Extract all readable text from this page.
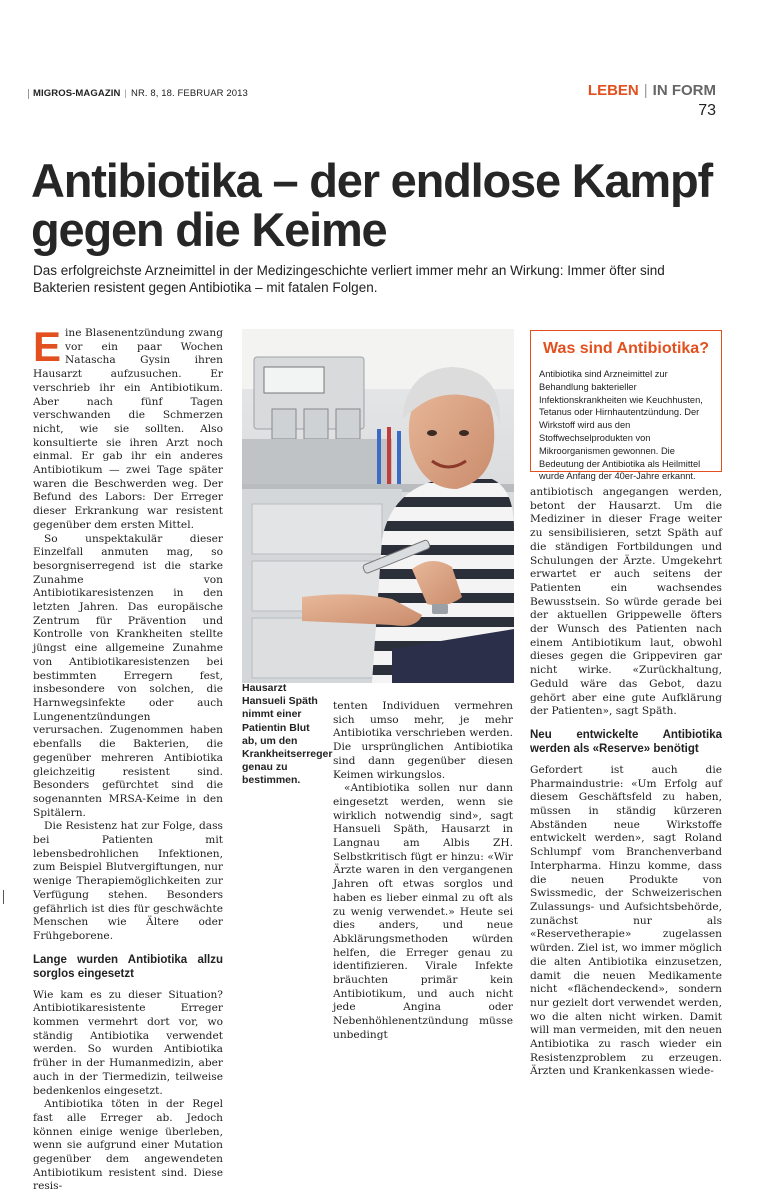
MIGROS-MAGAZIN | NR. 8, 18. FEBRUAR 2013	LEBEN | IN FORM
73
Antibiotika – der endlose Kampf gegen die Keime

Das erfolgreichste Arzneimittel in der Medizingeschichte verliert immer mehr an Wirkung: Immer öfter sind Bakterien resistent gegen Antibiotika – mit fatalen Folgen.

Eine Blasenentzündung zwang vor ein paar Wochen Natascha Gysin ihren Hausarzt aufzusuchen. Er verschrieb ihr ein Antibiotikum. Aber nach fünf Tagen verschwanden die Schmerzen nicht, wie sie sollten. Also konsultierte sie ihren Arzt noch einmal. Er gab ihr ein anderes Antibiotikum — zwei Tage später waren die Beschwerden weg. Der Befund des Labors: Der Erreger dieser Erkrankung war resistent gegenüber dem ersten Mittel.

So unspektakulär dieser Einzelfall anmuten mag, so besorgniserregend ist die starke Zunahme von Antibiotikaresistenzen in den letzten Jahren. Das europäische Zentrum für Prävention und Kontrolle von Krankheiten stellte jüngst eine allgemeine Zunahme von Antibiotikaresistenzen bei bestimmten Erregern fest, insbesondere von solchen, die Harnwegsinfekte oder auch Lungenentzündungen verursachen. Zugenommen haben ebenfalls die Bakterien, die gegenüber mehreren Antibiotika gleichzeitig resistent sind. Besonders gefürchtet sind die sogenannten MRSA-Keime in den Spitälern.

Die Resistenz hat zur Folge, dass bei Patienten mit lebensbedrohlichen Infektionen, zum Beispiel Blutvergiftungen, nur wenige Therapiemöglichkeiten zur Verfügung stehen. Besonders gefährlich ist dies für geschwächte Menschen wie Ältere oder Frühgeborene.

Lange wurden Antibiotika allzu sorglos eingesetzt

Wie kam es zu dieser Situation? Antibiotikaresistente Erreger kommen vermehrt dort vor, wo ständig Antibiotika verwendet werden. So wurden Antibiotika früher in der Humanmedizin, aber auch in der Tiermedizin, teilweise bedenkenlos eingesetzt.

Antibiotika töten in der Regel fast alle Erreger ab. Jedoch können einige wenige überleben, wenn sie aufgrund einer Mutation gegenüber dem angewendeten Antibiotikum resistent sind. Diese resis-

Hausarzt Hansueli Späth nimmt einer Patientin Blut ab, um den Krankheitserreger genau zu bestimmen.

tenten Individuen vermehren sich umso mehr, je mehr Antibiotika verschrieben werden. Die ursprünglichen Antibiotika sind dann gegenüber diesen Keimen wirkungslos.

«Antibiotika sollen nur dann eingesetzt werden, wenn sie wirklich notwendig sind», sagt Hansueli Späth, Hausarzt in Langnau am Albis ZH. Selbstkritisch fügt er hinzu: «Wir Ärzte waren in den vergangenen Jahren oft etwas sorglos und haben es lieber einmal zu oft als zu wenig verwendet.» Heute sei dies anders, und neue Abklärungsmethoden würden helfen, die Erreger genau zu identifizieren. Virale Infekte bräuchten primär kein Antibiotikum, und auch nicht jede Angina oder Nebenhöhlenentzündung müsse unbedingt

Was sind Antibiotika?
Antibiotika sind Arzneimittel zur Behandlung bakterieller Infektionskrankheiten wie Keuchhusten, Tetanus oder Hirnhautentzündung. Der Wirkstoff wird aus den Stoffwechselprodukten von Mikroorganismen gewonnen. Die Bedeutung der Antibiotika als Heilmittel wurde Anfang der 40er-Jahre erkannt.

antibiotisch angegangen werden, betont der Hausarzt. Um die Mediziner in dieser Frage weiter zu sensibilisieren, setzt Späth auf die ständigen Fortbildungen und Schulungen der Ärzte. Umgekehrt erwartet er auch seitens der Patienten ein wachsendes Bewusstsein. So würde gerade bei der aktuellen Grippewelle öfters der Wunsch des Patienten nach einem Antibiotikum laut, obwohl dieses gegen die Grippeviren gar nicht wirke. «Zurückhaltung, Geduld wäre das Gebot, dazu gehört aber eine gute Aufklärung der Patienten», sagt Späth.

Neu entwickelte Antibiotika werden als «Reserve» benötigt

Gefordert ist auch die Pharmaindustrie: «Um Erfolg auf diesem Geschäftsfeld zu haben, müssen in ständig kürzeren Abständen neue Wirkstoffe entwickelt werden», sagt Roland Schlumpf vom Branchenverband Interpharma. Hinzu komme, dass die neuen Produkte von Swissmedic, der Schweizerischen Zulassungs- und Aufsichtsbehörde, zunächst nur als «Reservetherapie» zugelassen würden. Ziel ist, wo immer möglich die alten Antibiotika einzusetzen, damit die neuen Medikamente nicht «flächendeckend», sondern nur gezielt dort verwendet werden, wo die alten nicht wirken. Damit will man vermeiden, mit den neuen Antibiotika zu rasch wieder ein Resistenzproblem zu erzeugen. Ärzten und Krankenkassen wiede-
